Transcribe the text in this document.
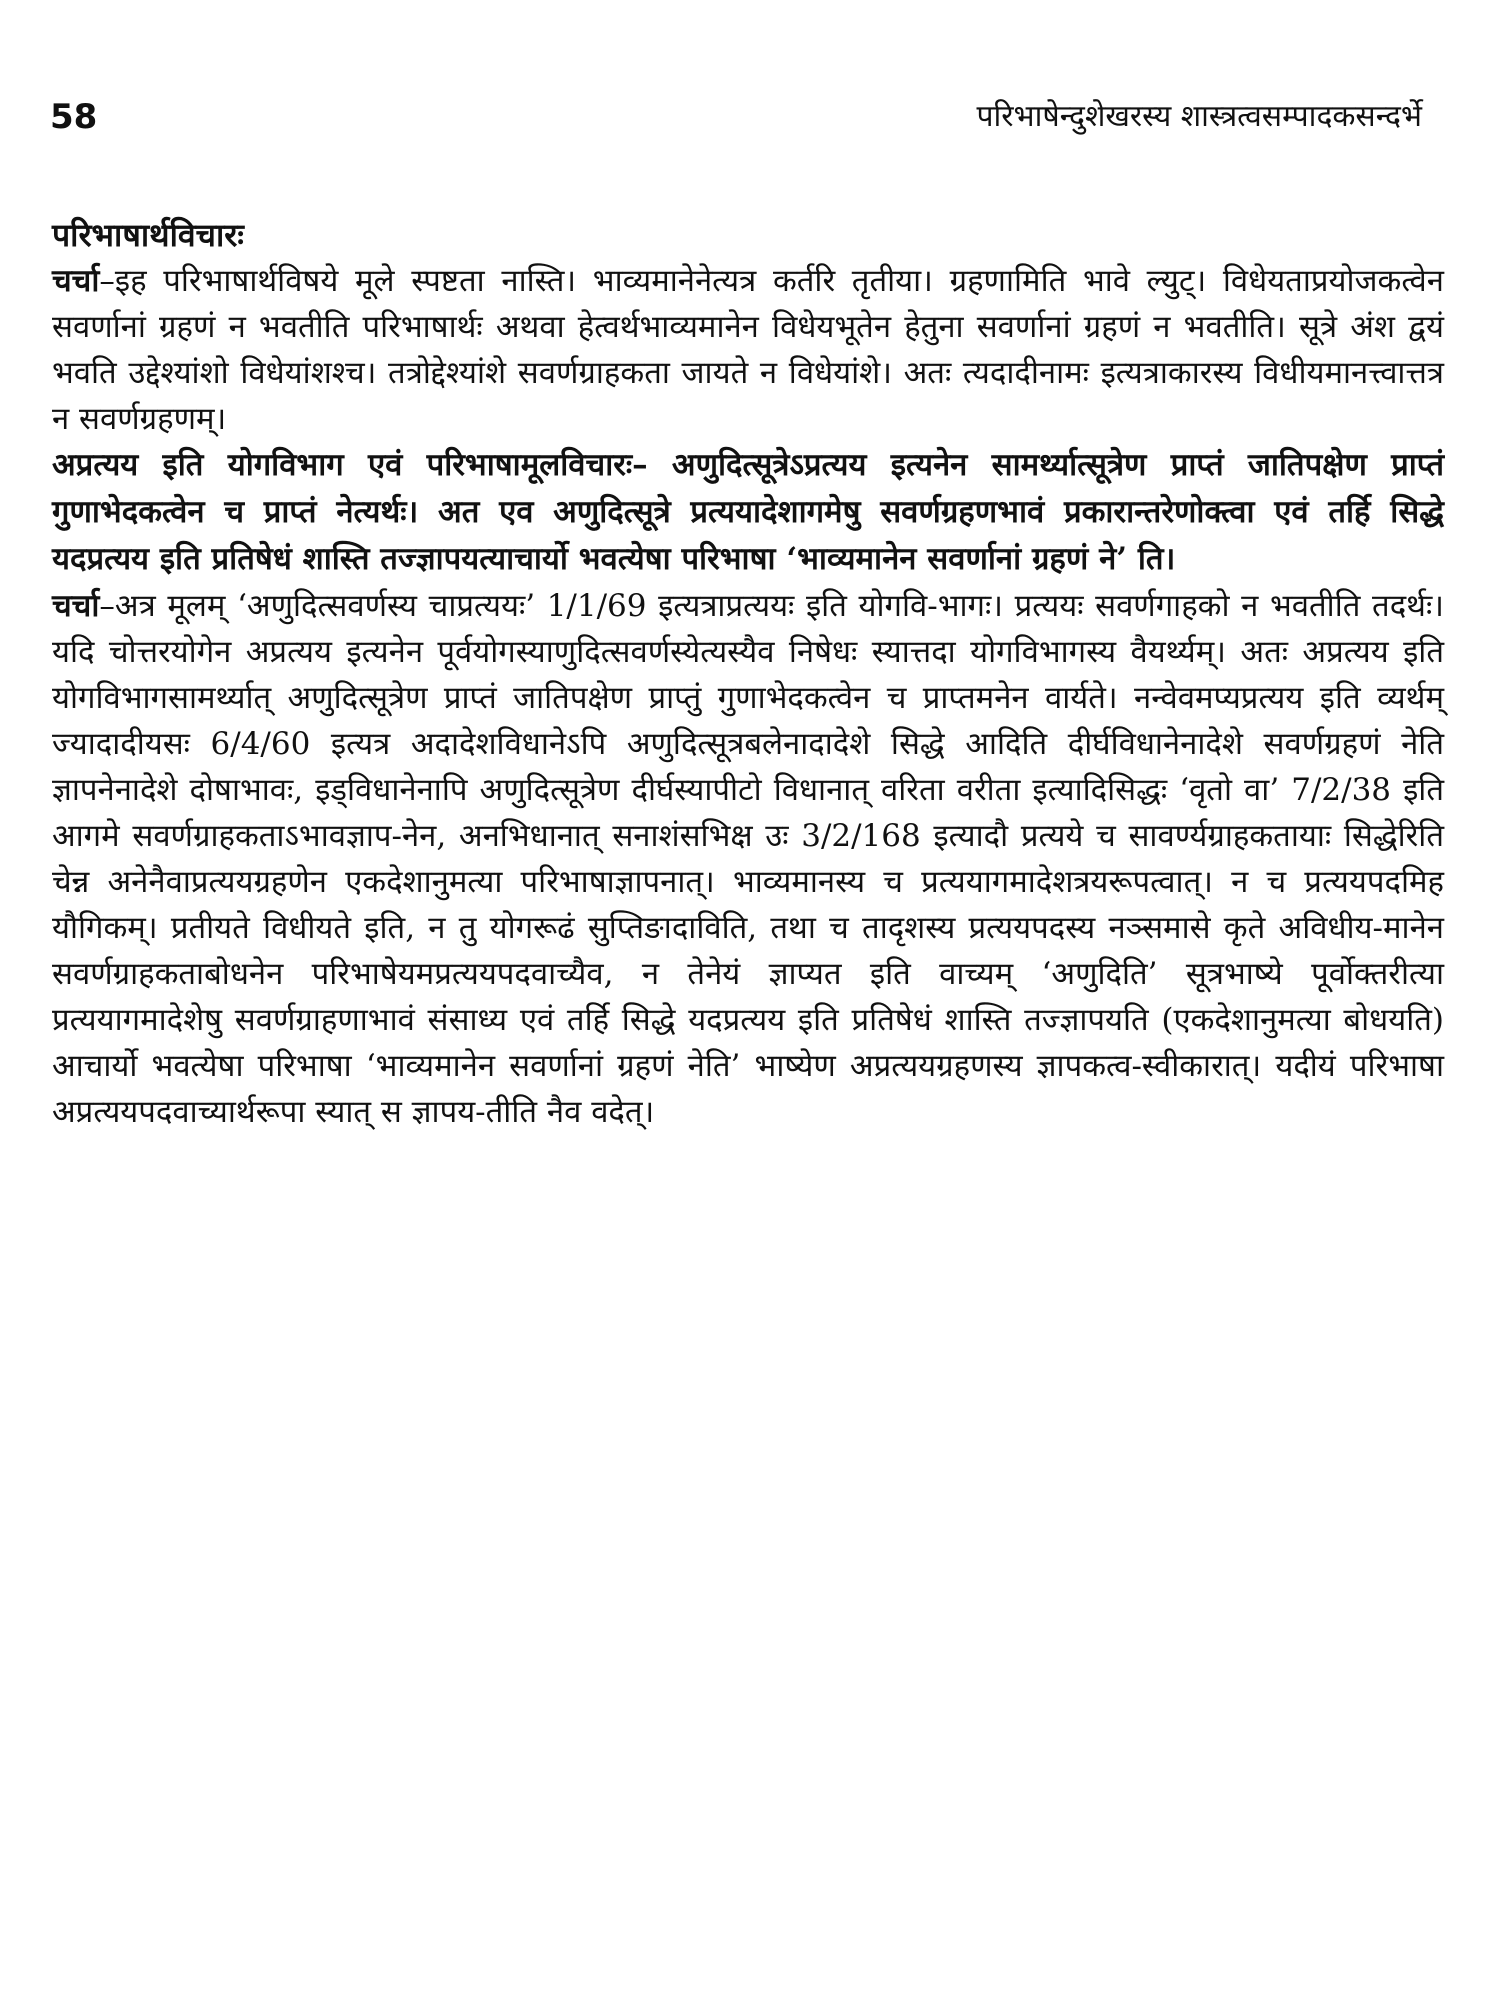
58	परिभाषेन्दुशेखरस्य शास्त्रत्वसम्पादकसन्दर्भे

परिभाषार्थविचारः

चर्चा–इह परिभाषार्थविषये मूले स्पष्टता नास्ति। भाव्यमानेनेत्यत्र कर्तरि तृतीया। ग्रहणामिति भावे ल्युट्। विधेयताप्रयोजकत्वेन सवर्णानां ग्रहणं न भवतीति परिभाषार्थः अथवा हेत्वर्थभाव्यमानेन विधेयभूतेन हेतुना सवर्णानां ग्रहणं न भवतीति। सूत्रे अंश द्वयं भवति उद्देश्यांशो विधेयांशश्च। तत्रोद्देश्यांशे सवर्णग्राहकता जायते न विधेयांशे। अतः त्यदादीनामः इत्यत्राकारस्य विधीयमानत्त्वात्तत्र न सवर्णग्रहणम्।

अप्रत्यय इति योगविभाग एवं परिभाषामूलविचारः– अणुदित्सूत्रेऽप्रत्यय इत्यनेन सामर्थ्यात्सूत्रेण प्राप्तं जातिपक्षेण प्राप्तं गुणाभेदकत्वेन च प्राप्तं नेत्यर्थः। अत एव अणुदित्सूत्रे प्रत्ययादेशागमेषु सवर्णग्रहणभावं प्रकारान्तरेणोक्त्वा एवं तर्हि सिद्धे यदप्रत्यय इति प्रतिषेधं शास्ति तज्ज्ञापयत्याचार्यो भवत्येषा परिभाषा ‘भाव्यमानेन सवर्णानां ग्रहणं ने’ ति।

चर्चा–अत्र मूलम् ‘अणुदित्सवर्णस्य चाप्रत्ययः’ 1/1/69 इत्यत्राप्रत्ययः इति योगवि-भागः। प्रत्ययः सवर्णगाहको न भवतीति तदर्थः। यदि चोत्तरयोगेन अप्रत्यय इत्यनेन पूर्वयोगस्याणुदित्सवर्णस्येत्यस्यैव निषेधः स्यात्तदा योगविभागस्य वैयर्थ्यम्। अतः अप्रत्यय इति योगविभागसामर्थ्यात् अणुदित्सूत्रेण प्राप्तं जातिपक्षेण प्राप्तुं गुणाभेदकत्वेन च प्राप्तमनेन वार्यते। नन्वेवमप्यप्रत्यय इति व्यर्थम् ज्यादादीयसः 6/4/60 इत्यत्र अदादेशविधानेऽपि अणुदित्सूत्रबलेनादादेशे सिद्धे आदिति दीर्घविधानेनादेशे सवर्णग्रहणं नेति ज्ञापनेनादेशे दोषाभावः, इड्विधानेनापि अणुदित्सूत्रेण दीर्घस्यापीटो विधानात् वरिता वरीता इत्यादिसिद्धः ‘वृतो वा’ 7/2/38 इति आगमे सवर्णग्राहकताऽभावज्ञाप-नेन, अनभिधानात् सनाशंसभिक्ष उः 3/2/168 इत्यादौ प्रत्यये च सावर्ण्यग्राहकतायाः सिद्धेरिति चेन्न अनेनैवाप्रत्ययग्रहणेन एकदेशानुमत्या परिभाषाज्ञापनात्। भाव्यमानस्य च प्रत्ययागमादेशत्रयरूपत्वात्। न च प्रत्ययपदमिह यौगिकम्। प्रतीयते विधीयते इति, न तु योगरूढं सुप्तिङादाविति, तथा च तादृशस्य प्रत्ययपदस्य नञ्समासे कृते अविधीय-मानेन सवर्णग्राहकताबोधनेन परिभाषेयमप्रत्ययपदवाच्यैव, न तेनेयं ज्ञाप्यत इति वाच्यम् ‘अणुदिति’ सूत्रभाष्ये पूर्वोक्तरीत्या प्रत्ययागमादेशेषु सवर्णग्राहणाभावं संसाध्य एवं तर्हि सिद्धे यदप्रत्यय इति प्रतिषेधं शास्ति तज्ज्ञापयति (एकदेशानुमत्या बोधयति) आचार्यो भवत्येषा परिभाषा ‘भाव्यमानेन सवर्णानां ग्रहणं नेति’ भाष्येण अप्रत्ययग्रहणस्य ज्ञापकत्व-स्वीकारात्। यदीयं परिभाषा अप्रत्ययपदवाच्यार्थरूपा स्यात् स ज्ञापय-तीति नैव वदेत्।
